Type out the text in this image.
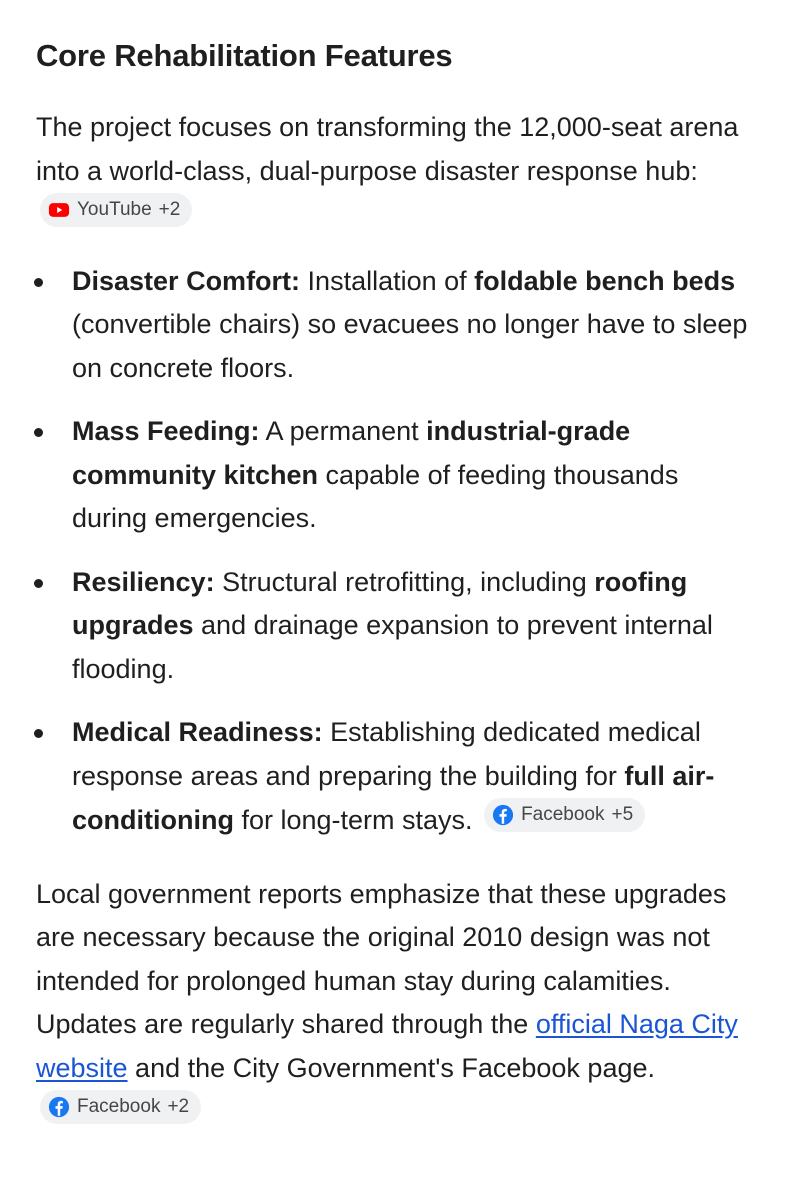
Core Rehabilitation Features

The project focuses on transforming the 12,000-seat arena into a world-class, dual-purpose disaster response hub:
YouTube +2

Disaster Comfort: Installation of foldable bench beds (convertible chairs) so evacuees no longer have to sleep on concrete floors.
Mass Feeding: A permanent industrial-grade community kitchen capable of feeding thousands during emergencies.
Resiliency: Structural retrofitting, including roofing upgrades and drainage expansion to prevent internal flooding.
Medical Readiness: Establishing dedicated medical response areas and preparing the building for full air-conditioning for long-term stays.	Facebook +5

Local government reports emphasize that these upgrades are necessary because the original 2010 design was not intended for prolonged human stay during calamities. Updates are regularly shared through the official Naga City website and the City Government's Facebook page.
Facebook +2
